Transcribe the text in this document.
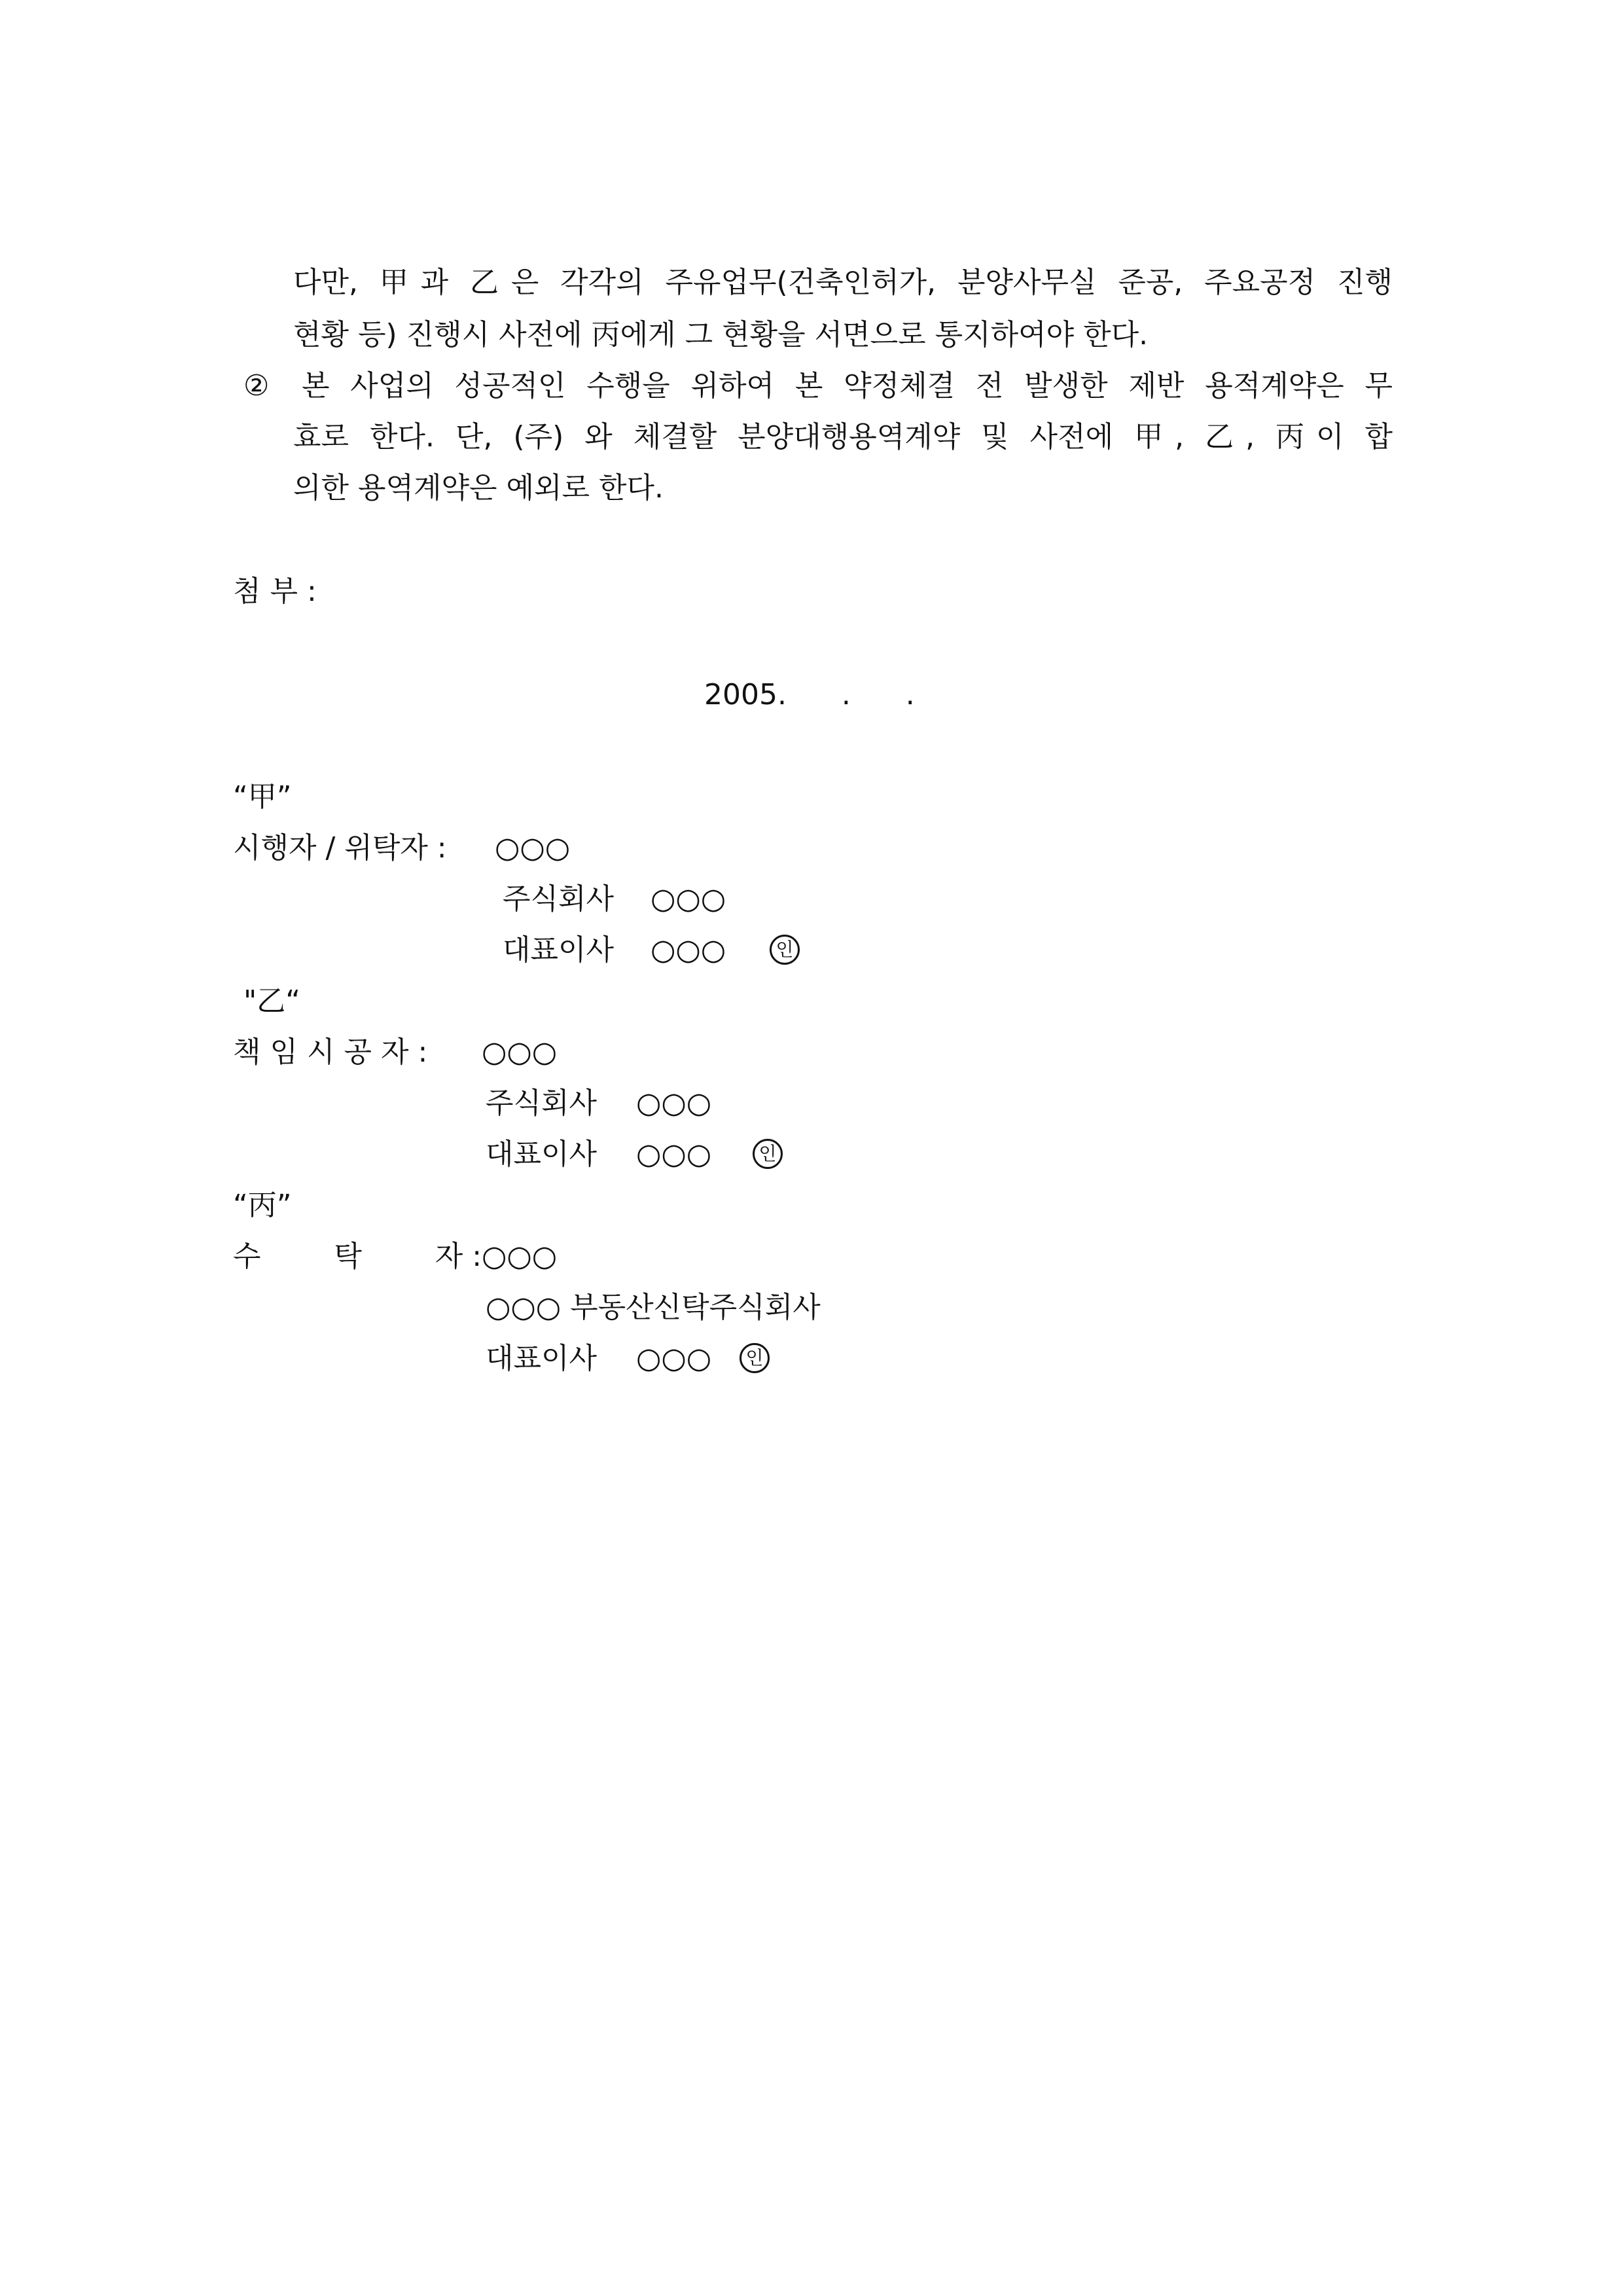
다만, 甲과 乙은 각각의 주유업무(건축인허가, 분양사무실 준공, 주요공정 진행
현황 등) 진행시 사전에 丙에게 그 현황을 서면으로 통지하여야 한다.
② 본 사업의 성공적인 수행을 위하여 본 약정체결 전 발생한 제반 용적계약은 무
효로 한다. 단, (주) 와 체결할 분양대행용역계약 및 사전에 甲, 乙, 丙이 합
의한 용역계약은 예외로 한다.
첨 부 :
2005.      .      .
“甲”
시행자 / 위탁자 : ○○○
주식회사 ○○○
대표이사 ○○○	인
"乙“
책 임 시 공 자 : ○○○
주식회사 ○○○
대표이사 ○○○	인
“丙”
수        탁        자 : ○○○
○○○ 부동산신탁주식회사
대표이사 ○○○	인
